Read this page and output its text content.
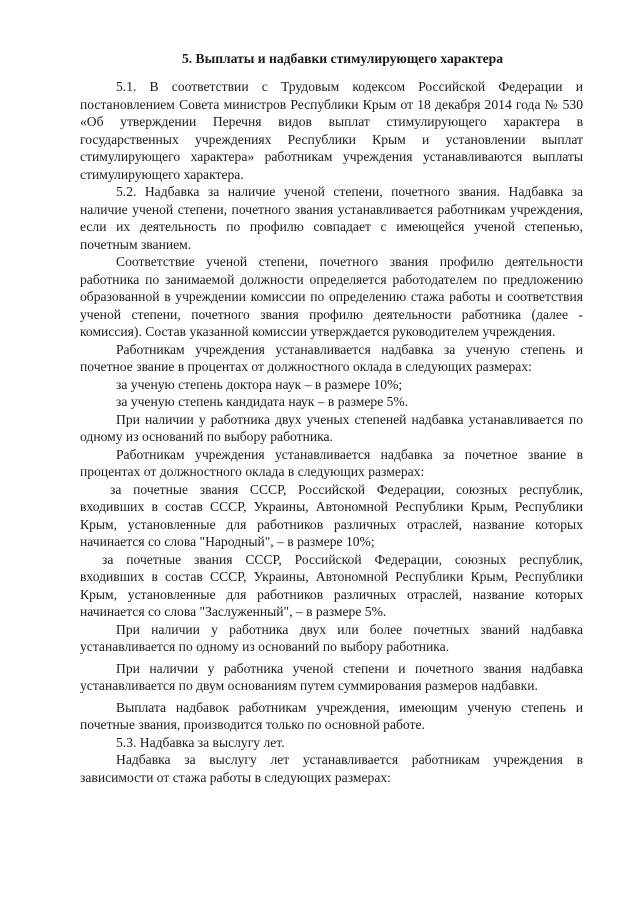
5. Выплаты и надбавки стимулирующего характера

5.1. В соответствии с Трудовым кодексом Российской Федерации и постановлением Совета министров Республики Крым от 18 декабря 2014 года № 530 «Об утверждении Перечня видов выплат стимулирующего характера в государственных учреждениях Республики Крым и установлении выплат стимулирующего характера» работникам учреждения устанавливаются выплаты стимулирующего характера.

5.2. Надбавка за наличие ученой степени, почетного звания. Надбавка за наличие ученой степени, почетного звания устанавливается работникам учреждения, если их деятельность по профилю совпадает с имеющейся ученой степенью, почетным званием.

Соответствие ученой степени, почетного звания профилю деятельности работника по занимаемой должности определяется работодателем по предложению образованной в учреждении комиссии по определению стажа работы и соответствия ученой степени, почетного звания профилю деятельности работника (далее - комиссия). Состав указанной комиссии утверждается руководителем учреждения.

Работникам учреждения устанавливается надбавка за ученую степень и почетное звание в процентах от должностного оклада в следующих размерах:

за ученую степень доктора наук – в размере 10%;

за ученую степень кандидата наук – в размере 5%.

При наличии у работника двух ученых степеней надбавка устанавливается по одному из оснований по выбору работника.

Работникам учреждения устанавливается надбавка за почетное звание в процентах от должностного оклада в следующих размерах:

за почетные звания СССР, Российской Федерации, союзных республик, входивших в состав СССР, Украины, Автономной Республики Крым, Республики Крым, установленные для работников различных отраслей, название которых начинается со слова "Народный", – в размере 10%;

за почетные звания СССР, Российской Федерации, союзных республик, входивших в состав СССР, Украины, Автономной Республики Крым, Республики Крым, установленные для работников различных отраслей, название которых начинается со слова "Заслуженный", – в размере 5%.

При наличии у работника двух или более почетных званий надбавка устанавливается по одному из оснований по выбору работника.

При наличии у работника ученой степени и почетного звания надбавка устанавливается по двум основаниям путем суммирования размеров надбавки.

Выплата надбавок работникам учреждения, имеющим ученую степень и почетные звания, производится только по основной работе.

5.3. Надбавка за выслугу лет.

Надбавка за выслугу лет устанавливается работникам учреждения в зависимости от стажа работы в следующих размерах:
